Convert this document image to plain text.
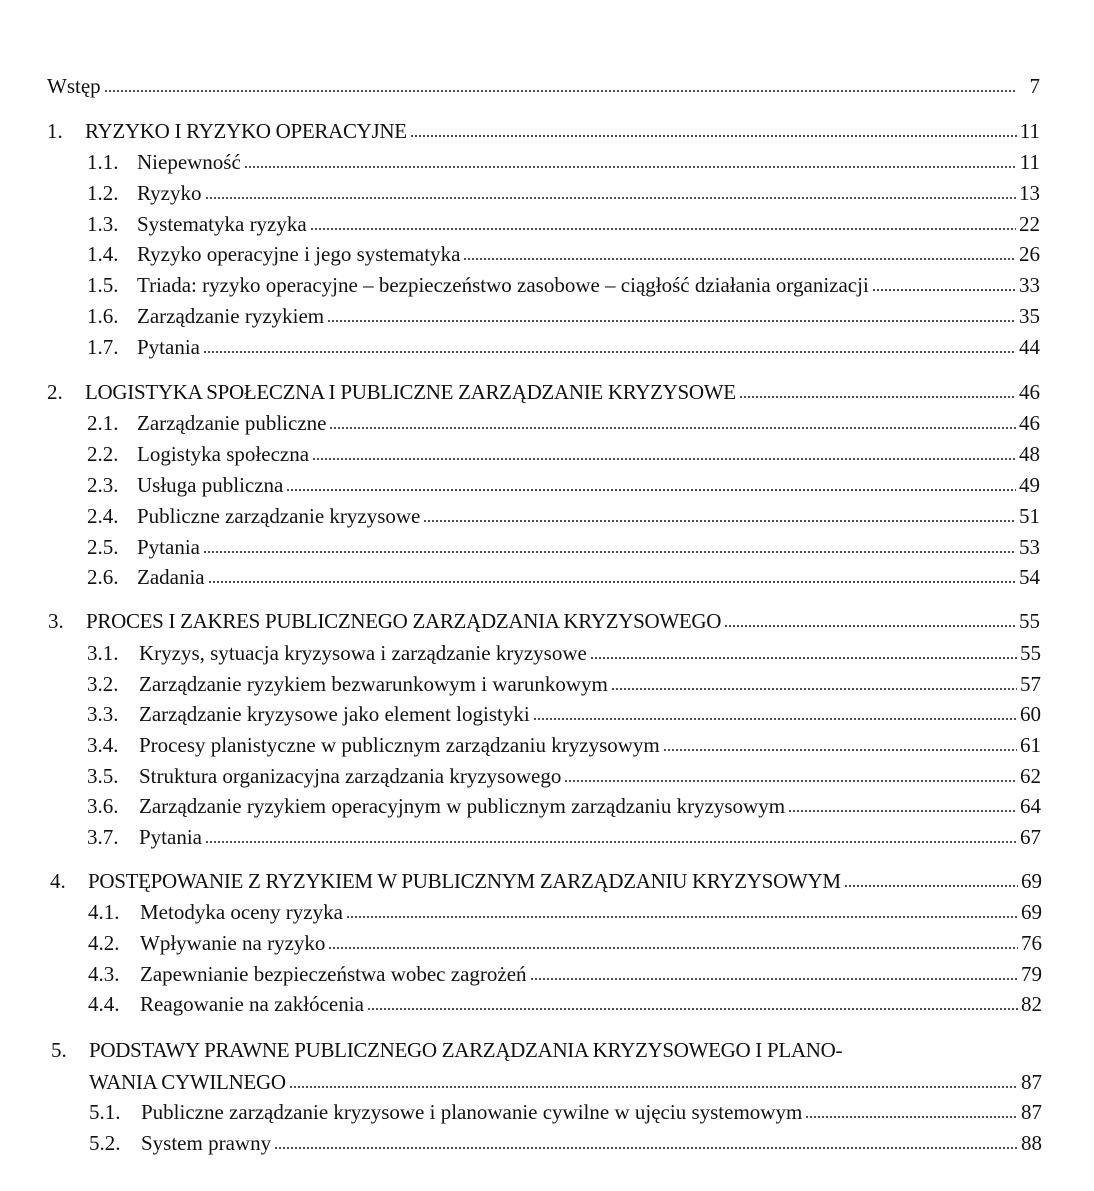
Wstęp	7
1.	RYZYKO I RYZYKO OPERACYJNE	11
1.1. Niepewność	11
1.2. Ryzyko	13
1.3. Systematyka ryzyka	22
1.4. Ryzyko operacyjne i jego systematyka	26
1.5. Triada: ryzyko operacyjne – bezpieczeństwo zasobowe – ciągłość działania organizacji	33
1.6. Zarządzanie ryzykiem	35
1.7. Pytania	44
2.	LOGISTYKA SPOŁECZNA I PUBLICZNE ZARZĄDZANIE KRYZYSOWE	46
2.1. Zarządzanie publiczne	46
2.2. Logistyka społeczna	48
2.3. Usługa publiczna	49
2.4. Publiczne zarządzanie kryzysowe	51
2.5. Pytania	53
2.6. Zadania	54
3.	PROCES I ZAKRES PUBLICZNEGO ZARZĄDZANIA KRYZYSOWEGO	55
3.1. Kryzys, sytuacja kryzysowa i zarządzanie kryzysowe	55
3.2. Zarządzanie ryzykiem bezwarunkowym i warunkowym	57
3.3. Zarządzanie kryzysowe jako element logistyki	60
3.4. Procesy planistyczne w publicznym zarządzaniu kryzysowym	61
3.5. Struktura organizacyjna zarządzania kryzysowego	62
3.6. Zarządzanie ryzykiem operacyjnym w publicznym zarządzaniu kryzysowym	64
3.7. Pytania	67
4.	POSTĘPOWANIE Z RYZYKIEM W PUBLICZNYM ZARZĄDZANIU KRYZYSOWYM	69
4.1. Metodyka oceny ryzyka	69
4.2. Wpływanie na ryzyko	76
4.3. Zapewnianie bezpieczeństwa wobec zagrożeń	79
4.4. Reagowanie na zakłócenia	82
5.	PODSTAWY PRAWNE PUBLICZNEGO ZARZĄDZANIA KRYZYSOWEGO I PLANO-
WANIA CYWILNEGO	87
5.1. Publiczne zarządzanie kryzysowe i planowanie cywilne w ujęciu systemowym	87
5.2. System prawny	88
